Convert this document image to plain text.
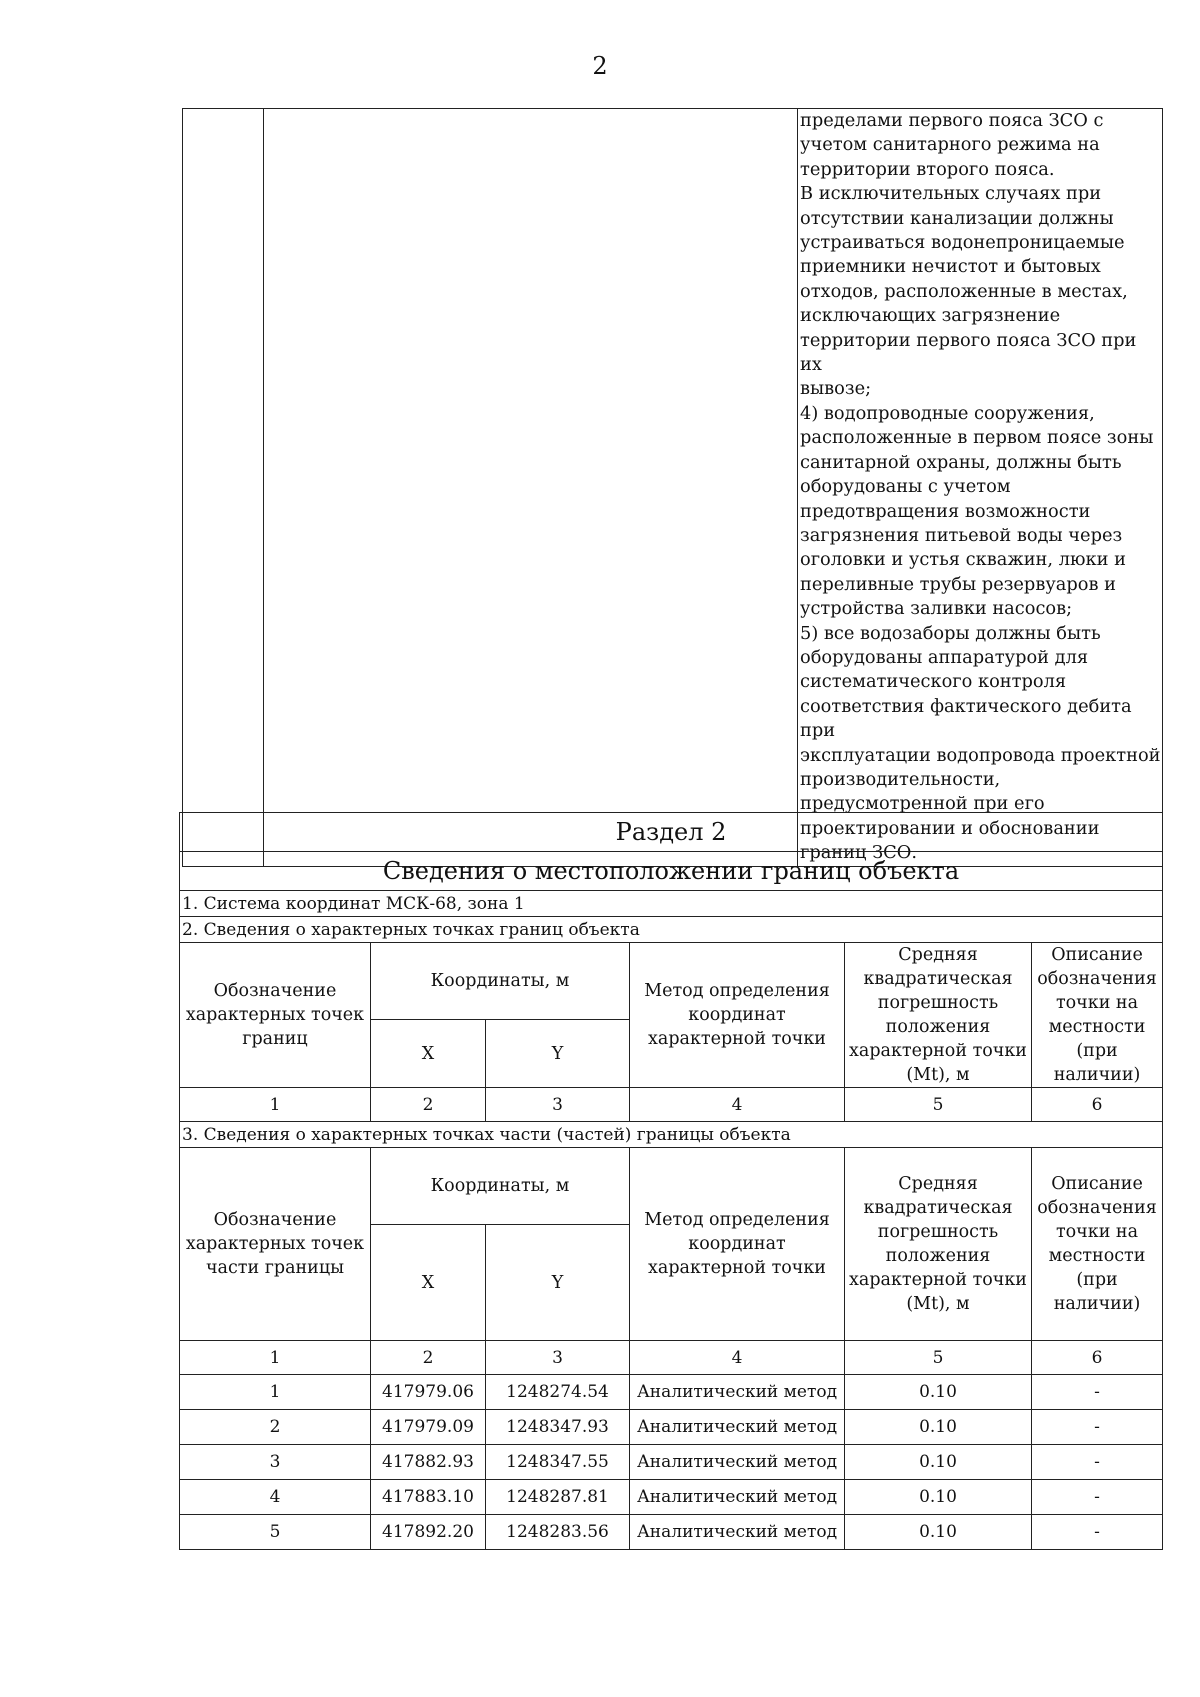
2

пределами первого пояса ЗСО с
учетом санитарного режима на
территории второго пояса.
В исключительных случаях при
отсутствии канализации должны
устраиваться водонепроницаемые
приемники нечистот и бытовых
отходов, расположенные в местах,
исключающих загрязнение
территории первого пояса ЗСО при их
вывозе;
4) водопроводные сооружения,
расположенные в первом поясе зоны
санитарной охраны, должны быть
оборудованы с учетом
предотвращения возможности
загрязнения питьевой воды через
оголовки и устья скважин, люки и
переливные трубы резервуаров и
устройства заливки насосов;
5) все водозаборы должны быть
оборудованы аппаратурой для
систематического контроля
соответствия фактического дебита при
эксплуатации водопровода проектной
производительности,
предусмотренной при его
проектировании и обосновании
границ ЗСО.
Раздел 2					
Сведения о местоположении границ объекта					
1. Система координат МСК-68, зона 1					
2. Сведения о характерных точках границ объекта					
Обозначение характерных точек границ	Координаты, м		Метод определения координат характерной точки	Средняя квадратическая погрешность положения характерной точки (Mt), м	Описание обозначения точки на местности (при наличии)
	X	Y			
1	2	3	4	5	6
3. Сведения о характерных точках части (частей) границы объекта					
Обозначение характерных точек части границы	Координаты, м		Метод определения координат характерной точки	Средняя квадратическая погрешность положения характерной точки (Mt), м	Описание обозначения точки на местности (при наличии)
	X	Y			
1	2	3	4	5	6
1	417979.06	1248274.54	Аналитический метод	0.10	-
2	417979.09	1248347.93	Аналитический метод	0.10	-
3	417882.93	1248347.55	Аналитический метод	0.10	-
4	417883.10	1248287.81	Аналитический метод	0.10	-
5	417892.20	1248283.56	Аналитический метод	0.10	-
